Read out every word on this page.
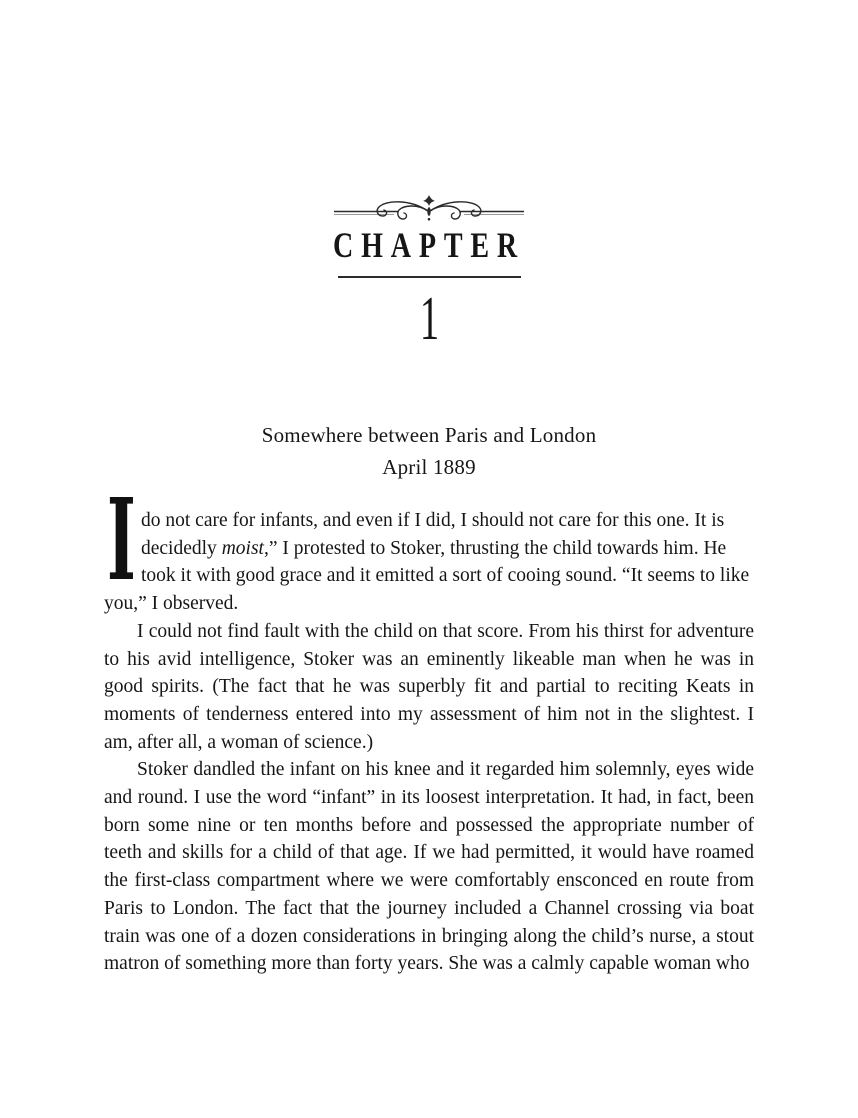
CHAPTER
1
Somewhere between Paris and London
April 1889

Ido not care for infants, and even if I did, I should not care for this one. It is decidedly moist,” I protested to Stoker, thrusting the child towards him. He took it with good grace and it emitted a sort of cooing sound. “It seems to like you,” I observed.

I could not find fault with the child on that score. From his thirst for adventure to his avid intelligence, Stoker was an eminently likeable man when he was in good spirits. (The fact that he was superbly fit and partial to reciting Keats in moments of tenderness entered into my assessment of him not in the slightest. I am, after all, a woman of science.)

Stoker dandled the infant on his knee and it regarded him solemnly, eyes wide and round. I use the word “infant” in its loosest interpretation. It had, in fact, been born some nine or ten months before and possessed the appropriate number of teeth and skills for a child of that age. If we had permitted, it would have roamed the first-class compartment where we were comfortably ensconced en route from Paris to London. The fact that the journey included a Channel crossing via boat train was one of a dozen considerations in bringing along the child’s nurse, a stout matron of something more than forty years. She was a calmly capable woman who
